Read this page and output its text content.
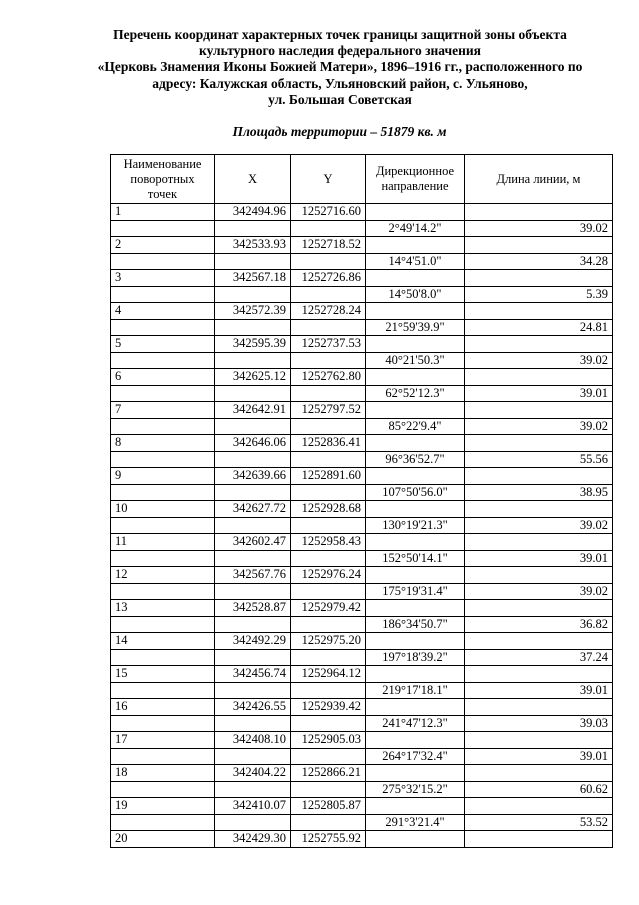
Перечень координат характерных точек границы защитной зоны объекта
культурного наследия федерального значения
«Церковь Знамения Иконы Божией Матери», 1896–1916 гг., расположенного по
адресу: Калужская область, Ульяновский район, с. Ульяново,
ул. Большая Советская
Площадь территории – 51879 кв. м
Наименование поворотных точек	X	Y	Дирекционное направление	Длина линии, м
1	342494.96	1252716.60		
			2°49'14.2"	39.02
2	342533.93	1252718.52		
			14°4'51.0"	34.28
3	342567.18	1252726.86		
			14°50'8.0"	5.39
4	342572.39	1252728.24		
			21°59'39.9"	24.81
5	342595.39	1252737.53		
			40°21'50.3"	39.02
6	342625.12	1252762.80		
			62°52'12.3"	39.01
7	342642.91	1252797.52		
			85°22'9.4"	39.02
8	342646.06	1252836.41		
			96°36'52.7"	55.56
9	342639.66	1252891.60		
			107°50'56.0"	38.95
10	342627.72	1252928.68		
			130°19'21.3"	39.02
11	342602.47	1252958.43		
			152°50'14.1"	39.01
12	342567.76	1252976.24		
			175°19'31.4"	39.02
13	342528.87	1252979.42		
			186°34'50.7"	36.82
14	342492.29	1252975.20		
			197°18'39.2"	37.24
15	342456.74	1252964.12		
			219°17'18.1"	39.01
16	342426.55	1252939.42		
			241°47'12.3"	39.03
17	342408.10	1252905.03		
			264°17'32.4"	39.01
18	342404.22	1252866.21		
			275°32'15.2"	60.62
19	342410.07	1252805.87		
			291°3'21.4"	53.52
20	342429.30	1252755.92		
